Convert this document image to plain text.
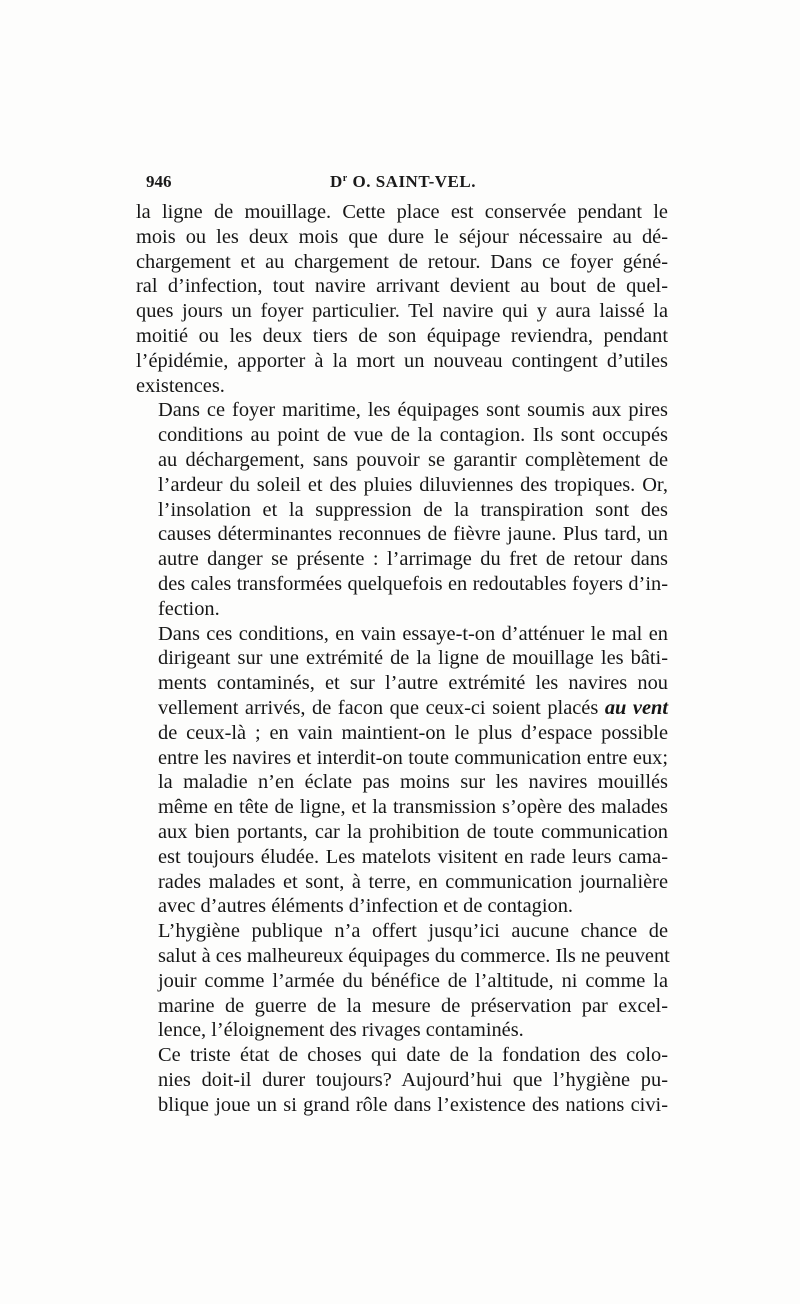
946	$D^r$ O. SAINT-VEL.
la ligne de mouillage. Cette place est conservée pendant le
mois ou les deux mois que dure le séjour nécessaire au dé-
chargement et au chargement de retour. Dans ce foyer géné-
ral d’infection, tout navire arrivant devient au bout de quel-
ques jours un foyer particulier. Tel navire qui y aura laissé la
moitié ou les deux tiers de son équipage reviendra, pendant
l’épidémie, apporter à la mort un nouveau contingent d’utiles
existences.
Dans ce foyer maritime, les équipages sont soumis aux pires
conditions au point de vue de la contagion. Ils sont occupés
au déchargement, sans pouvoir se garantir complètement de
l’ardeur du soleil et des pluies diluviennes des tropiques. Or,
l’insolation et la suppression de la transpiration sont des
causes déterminantes reconnues de fièvre jaune. Plus tard, un
autre danger se présente : l’arrimage du fret de retour dans
des cales transformées quelquefois en redoutables foyers d’in-
fection.
Dans ces conditions, en vain essaye-t-on d’atténuer le mal en
dirigeant sur une extrémité de la ligne de mouillage les bâti-
ments contaminés, et sur l’autre extrémité les navires nou
vellement arrivés, de facon que ceux-ci soient placés au vent
de ceux-là ; en vain maintient-on le plus d’espace possible
entre les navires et interdit-on toute communication entre eux;
la maladie n’en éclate pas moins sur les navires mouillés
même en tête de ligne, et la transmission s’opère des malades
aux bien portants, car la prohibition de toute communication
est toujours éludée. Les matelots visitent en rade leurs cama-
rades malades et sont, à terre, en communication journalière
avec d’autres éléments d’infection et de contagion.
L’hygiène publique n’a offert jusqu’ici aucune chance de
salut à ces malheureux équipages du commerce. Ils ne peuvent
jouir comme l’armée du bénéfice de l’altitude, ni comme la
marine de guerre de la mesure de préservation par excel-
lence, l’éloignement des rivages contaminés.
Ce triste état de choses qui date de la fondation des colo-
nies doit-il durer toujours? Aujourd’hui que l’hygiène pu-
blique joue un si grand rôle dans l’existence des nations civi-
